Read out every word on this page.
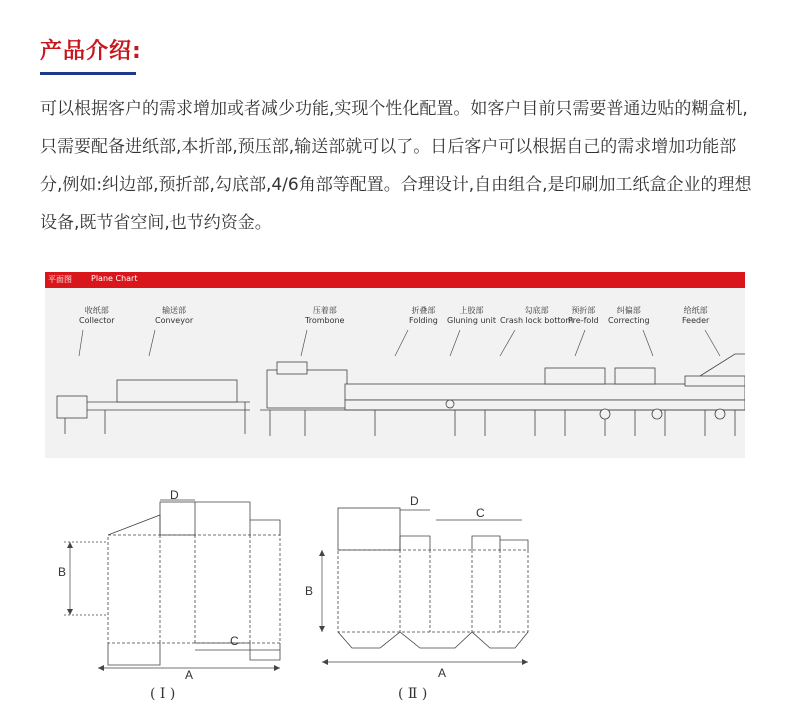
产品介绍:
可以根据客户的需求增加或者减少功能,实现个性化配置。如客户目前只需要普通边贴的糊盒机,只需要配备进纸部,本折部,预压部,输送部就可以了。日后客户可以根据自己的需求增加功能部分,例如:纠边部,预折部,勾底部,4/6角部等配置。合理设计,自由组合,是印刷加工纸盒企业的理想设备,既节省空间,也节约资金。
平面图 Plane Chart
收纸部
Collector
输送部
Conveyor
压着部
Trombone
折叠部
Folding
上胶部
Gluning unit
勾底部
Crash lock bottom
预折部
Pre-fold
纠偏部
Correcting
给纸部
Feeder
B
D
C
A
( Ⅰ )
B
D
C
A
( Ⅱ )
